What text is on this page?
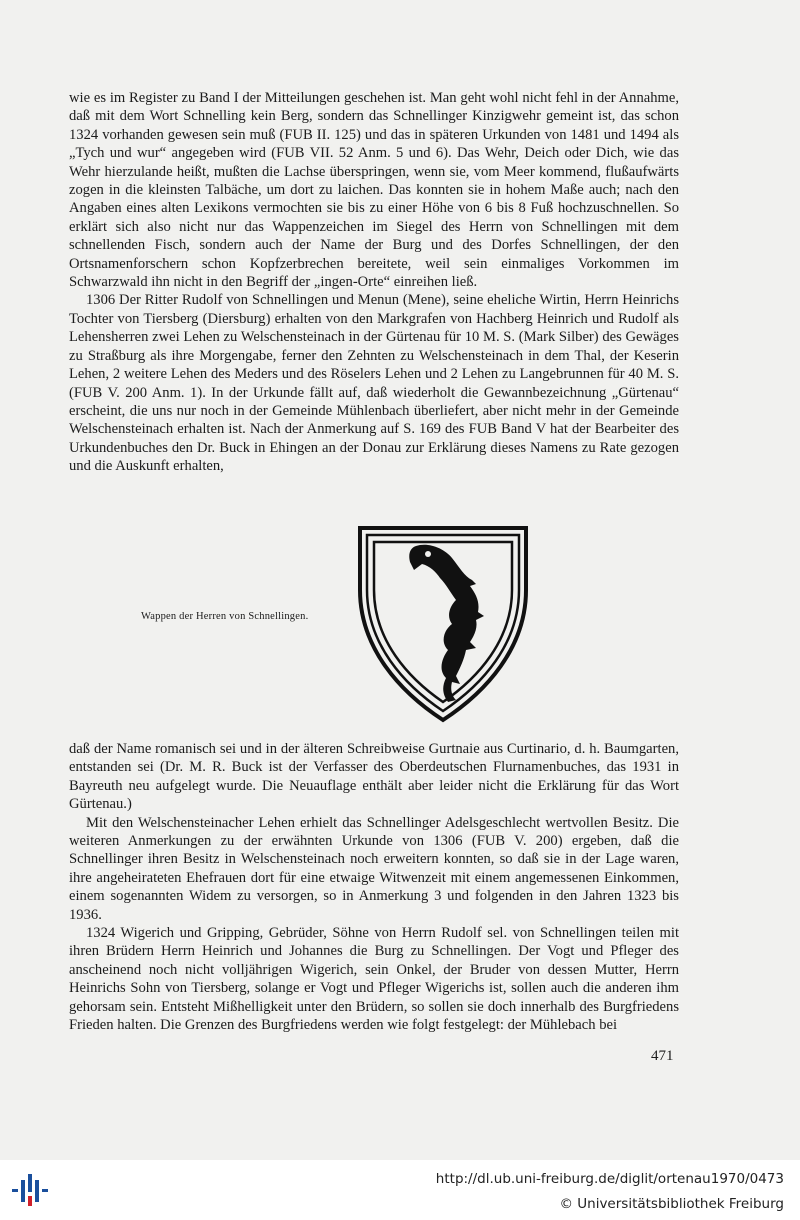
wie es im Register zu Band I der Mitteilungen geschehen ist. Man geht wohl nicht fehl in der Annahme, daß mit dem Wort Schnelling kein Berg, sondern das Schnellinger Kinzigwehr gemeint ist, das schon 1324 vorhanden gewesen sein muß (FUB II. 125) und das in späteren Urkunden von 1481 und 1494 als „Tych und wur“ angegeben wird (FUB VII. 52 Anm. 5 und 6). Das Wehr, Deich oder Dich, wie das Wehr hierzulande heißt, mußten die Lachse überspringen, wenn sie, vom Meer kommend, flußaufwärts zogen in die kleinsten Talbäche, um dort zu laichen. Das konnten sie in hohem Maße auch; nach den Angaben eines alten Lexikons vermochten sie bis zu einer Höhe von 6 bis 8 Fuß hochzuschnellen. So erklärt sich also nicht nur das Wappenzeichen im Siegel des Herrn von Schnellingen mit dem schnellenden Fisch, sondern auch der Name der Burg und des Dorfes Schnellingen, der den Ortsnamenforschern schon Kopfzerbrechen bereitete, weil sein einmaliges Vorkommen im Schwarzwald ihn nicht in den Begriff der „ingen-Orte“ einreihen ließ.

1306 Der Ritter Rudolf von Schnellingen und Menun (Mene), seine eheliche Wirtin, Herrn Heinrichs Tochter von Tiersberg (Diersburg) erhalten von den Markgrafen von Hachberg Heinrich und Rudolf als Lehensherren zwei Lehen zu Welschensteinach in der Gürtenau für 10 M. S. (Mark Silber) des Gewäges zu Straßburg als ihre Morgengabe, ferner den Zehnten zu Welschensteinach in dem Thal, der Keserin Lehen, 2 weitere Lehen des Meders und des Röselers Lehen und 2 Lehen zu Langebrunnen für 40 M. S. (FUB V. 200 Anm. 1). In der Urkunde fällt auf, daß wiederholt die Gewannbezeichnung „Gürtenau“ erscheint, die uns nur noch in der Gemeinde Mühlenbach überliefert, aber nicht mehr in der Gemeinde Welschensteinach erhalten ist. Nach der Anmerkung auf S. 169 des FUB Band V hat der Bearbeiter des Urkundenbuches den Dr. Buck in Ehingen an der Donau zur Erklärung dieses Namens zu Rate gezogen und die Auskunft erhalten,

Wappen der Herren von Schnellingen.

daß der Name romanisch sei und in der älteren Schreibweise Gurtnaie aus Curtinario, d. h. Baumgarten, entstanden sei (Dr. M. R. Buck ist der Verfasser des Oberdeutschen Flurnamenbuches, das 1931 in Bayreuth neu aufgelegt wurde. Die Neuauflage enthält aber leider nicht die Erklärung für das Wort Gürtenau.)

Mit den Welschensteinacher Lehen erhielt das Schnellinger Adelsgeschlecht wertvollen Besitz. Die weiteren Anmerkungen zu der erwähnten Urkunde von 1306 (FUB V. 200) ergeben, daß die Schnellinger ihren Besitz in Welschensteinach noch erweitern konnten, so daß sie in der Lage waren, ihre angeheirateten Ehefrauen dort für eine etwaige Witwenzeit mit einem angemessenen Einkommen, einem sogenannten Widem zu versorgen, so in Anmerkung 3 und folgenden in den Jahren 1323 bis 1936.

1324 Wigerich und Gripping, Gebrüder, Söhne von Herrn Rudolf sel. von Schnellingen teilen mit ihren Brüdern Herrn Heinrich und Johannes die Burg zu Schnellingen. Der Vogt und Pfleger des anscheinend noch nicht volljährigen Wigerich, sein Onkel, der Bruder von dessen Mutter, Herrn Heinrichs Sohn von Tiersberg, solange er Vogt und Pfleger Wigerichs ist, sollen auch die anderen ihm gehorsam sein. Entsteht Mißhelligkeit unter den Brüdern, so sollen sie doch innerhalb des Burgfriedens Frieden halten. Die Grenzen des Burgfriedens werden wie folgt festgelegt: der Mühlebach bei

471
http://dl.ub.uni-freiburg.de/diglit/ortenau1970/0473
© Universitätsbibliothek Freiburg
